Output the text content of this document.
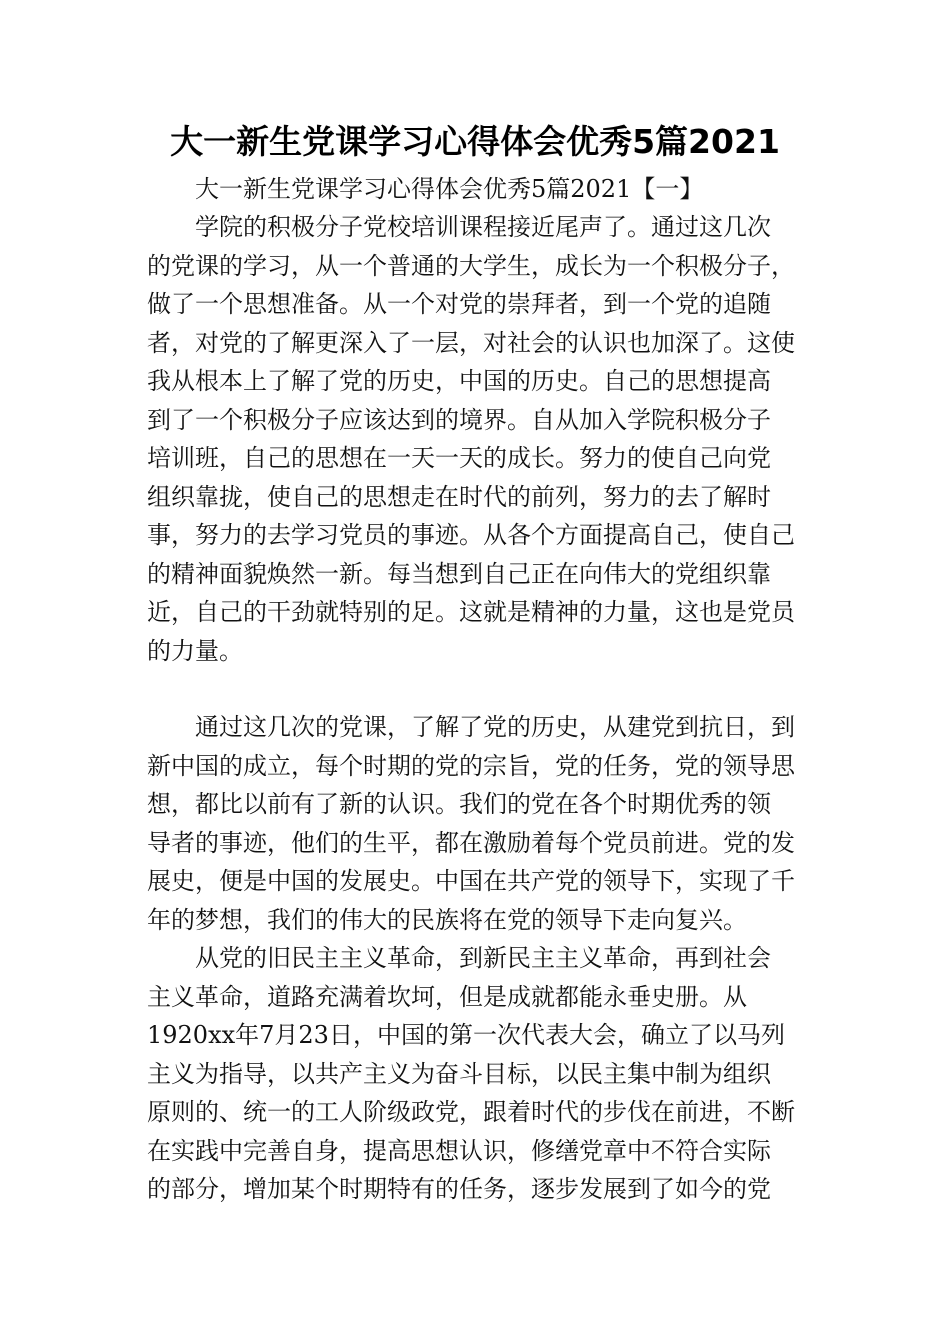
大一新生党课学习心得体会优秀5篇2021
　　大一新生党课学习心得体会优秀5篇2021【一】
　　学院的积极分子党校培训课程接近尾声了。通过这几次
的党课的学习，从一个普通的大学生，成长为一个积极分子，
做了一个思想准备。从一个对党的崇拜者，到一个党的追随
者，对党的了解更深入了一层，对社会的认识也加深了。这使
我从根本上了解了党的历史，中国的历史。自己的思想提高
到了一个积极分子应该达到的境界。自从加入学院积极分子
培训班，自己的思想在一天一天的成长。努力的使自己向党
组织靠拢，使自己的思想走在时代的前列，努力的去了解时
事，努力的去学习党员的事迹。从各个方面提高自己，使自己
的精神面貌焕然一新。每当想到自己正在向伟大的党组织靠
近，自己的干劲就特别的足。这就是精神的力量，这也是党员
的力量。
　　通过这几次的党课，了解了党的历史，从建党到抗日，到
新中国的成立，每个时期的党的宗旨，党的任务，党的领导思
想，都比以前有了新的认识。我们的党在各个时期优秀的领
导者的事迹，他们的生平，都在激励着每个党员前进。党的发
展史，便是中国的发展史。中国在共产党的领导下，实现了千
年的梦想，我们的伟大的民族将在党的领导下走向复兴。
　　从党的旧民主主义革命，到新民主主义革命，再到社会
主义革命，道路充满着坎坷，但是成就都能永垂史册。从
1920xx年7月23日，中国的第一次代表大会，确立了以马列
主义为指导，以共产主义为奋斗目标，以民主集中制为组织
原则的、统一的工人阶级政党，跟着时代的步伐在前进，不断
在实践中完善自身，提高思想认识，修缮党章中不符合实际
的部分，增加某个时期特有的任务，逐步发展到了如今的党
